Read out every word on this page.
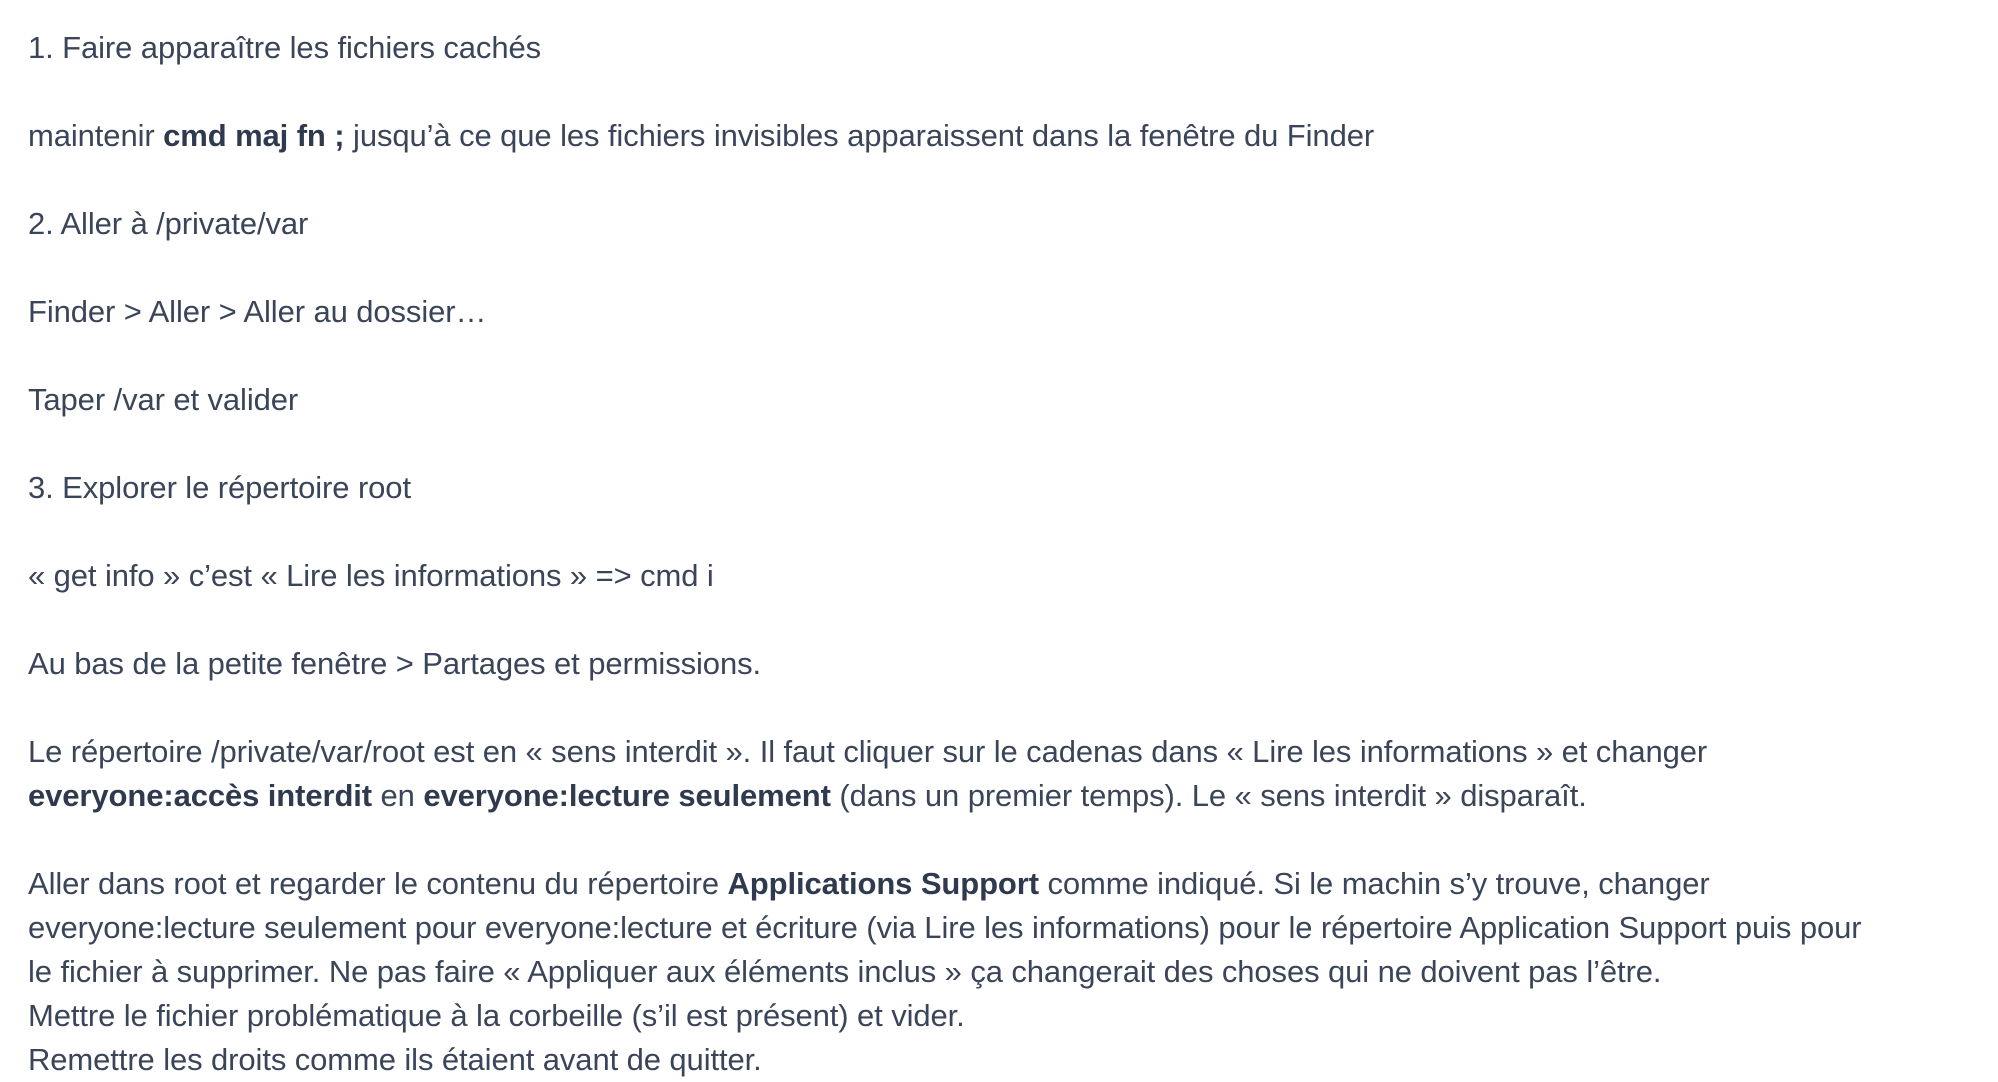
1. Faire apparaître les fichiers cachés

maintenir cmd maj fn ; jusqu’à ce que les fichiers invisibles apparaissent dans la fenêtre du Finder

2. Aller à /private/var

Finder > Aller > Aller au dossier…

Taper /var et valider

3. Explorer le répertoire root

« get info » c’est « Lire les informations » => cmd i

Au bas de la petite fenêtre > Partages et permissions.

Le répertoire /private/var/root est en « sens interdit ». Il faut cliquer sur le cadenas dans « Lire les informations » et changer

everyone:accès interdit en everyone:lecture seulement (dans un premier temps). Le « sens interdit » disparaît.

Aller dans root et regarder le contenu du répertoire Applications Support comme indiqué. Si le machin s’y trouve, changer

everyone:lecture seulement pour everyone:lecture et écriture (via Lire les informations) pour le répertoire Application Support puis pour

le fichier à supprimer. Ne pas faire « Appliquer aux éléments inclus » ça changerait des choses qui ne doivent pas l’être.

Mettre le fichier problématique à la corbeille (s’il est présent) et vider.

Remettre les droits comme ils étaient avant de quitter.
